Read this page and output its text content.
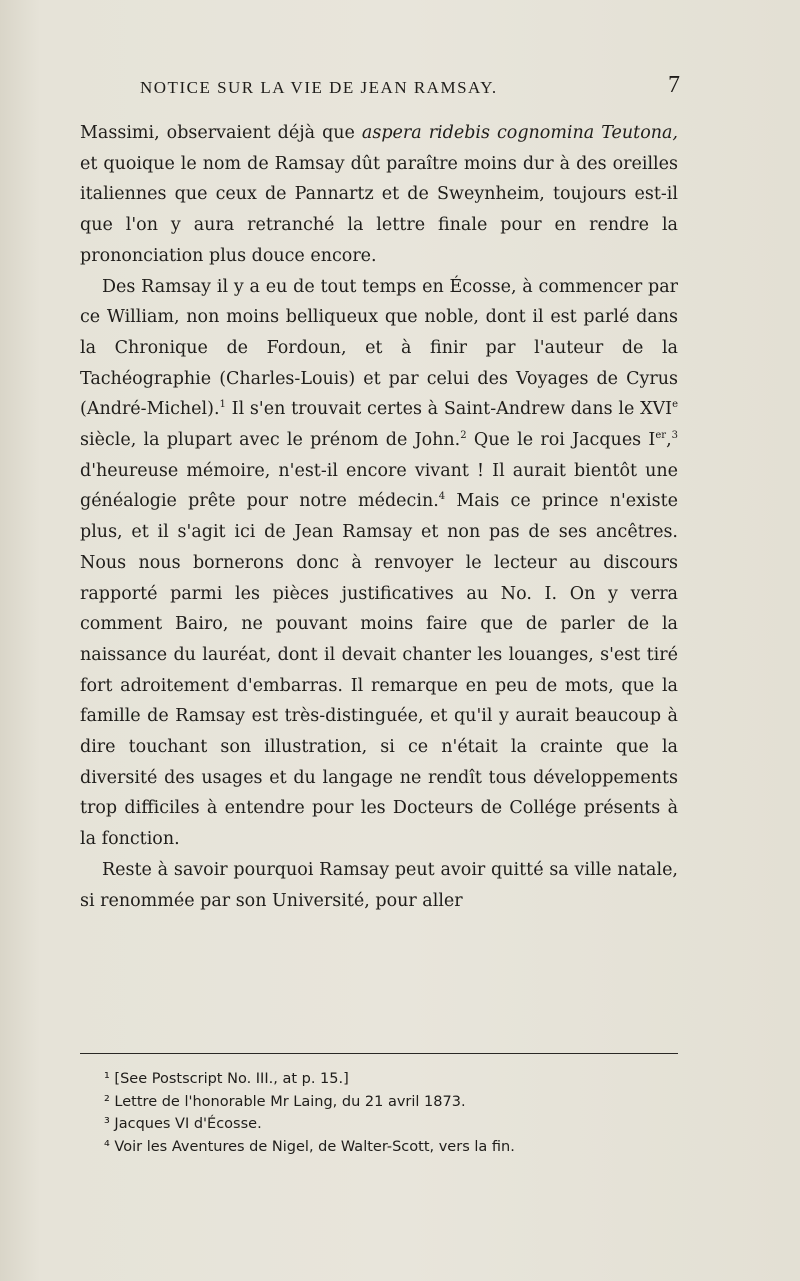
NOTICE SUR LA VIE DE JEAN RAMSAY.	7

Massimi, observaient déjà que aspera ridebis cognomina Teutona, et quoique le nom de Ramsay dût paraître moins dur à des oreilles italiennes que ceux de Pannartz et de Sweynheim, toujours est-il que l'on y aura retranché la lettre finale pour en rendre la prononciation plus douce encore.

Des Ramsay il y a eu de tout temps en Écosse, à commencer par ce William, non moins belliqueux que noble, dont il est parlé dans la Chronique de Fordoun, et à finir par l'auteur de la Tachéographie (Charles-Louis) et par celui des Voyages de Cyrus (André-Michel).$^1$ Il s'en trouvait certes à Saint-Andrew dans le XVIe siècle, la plupart avec le prénom de John.$^2$ Que le roi Jacques Ier,$^3$ d'heureuse mémoire, n'est-il encore vivant ! Il aurait bientôt une généalogie prête pour notre médecin.$^4$ Mais ce prince n'existe plus, et il s'agit ici de Jean Ramsay et non pas de ses ancêtres. Nous nous bornerons donc à renvoyer le lecteur au discours rapporté parmi les pièces justificatives au No. I. On y verra comment Bairo, ne pouvant moins faire que de parler de la naissance du lauréat, dont il devait chanter les louanges, s'est tiré fort adroitement d'embarras. Il remarque en peu de mots, que la famille de Ramsay est très-distinguée, et qu'il y aurait beaucoup à dire touchant son illustration, si ce n'était la crainte que la diversité des usages et du langage ne rendît tous développements trop difficiles à entendre pour les Docteurs de Collége présents à la fonction.

Reste à savoir pourquoi Ramsay peut avoir quitté sa ville natale, si renommée par son Université, pour aller

¹ [See Postscript No. III., at p. 15.]
² Lettre de l'honorable Mr Laing, du 21 avril 1873.
³ Jacques VI d'Écosse.
⁴ Voir les Aventures de Nigel, de Walter-Scott, vers la fin.
